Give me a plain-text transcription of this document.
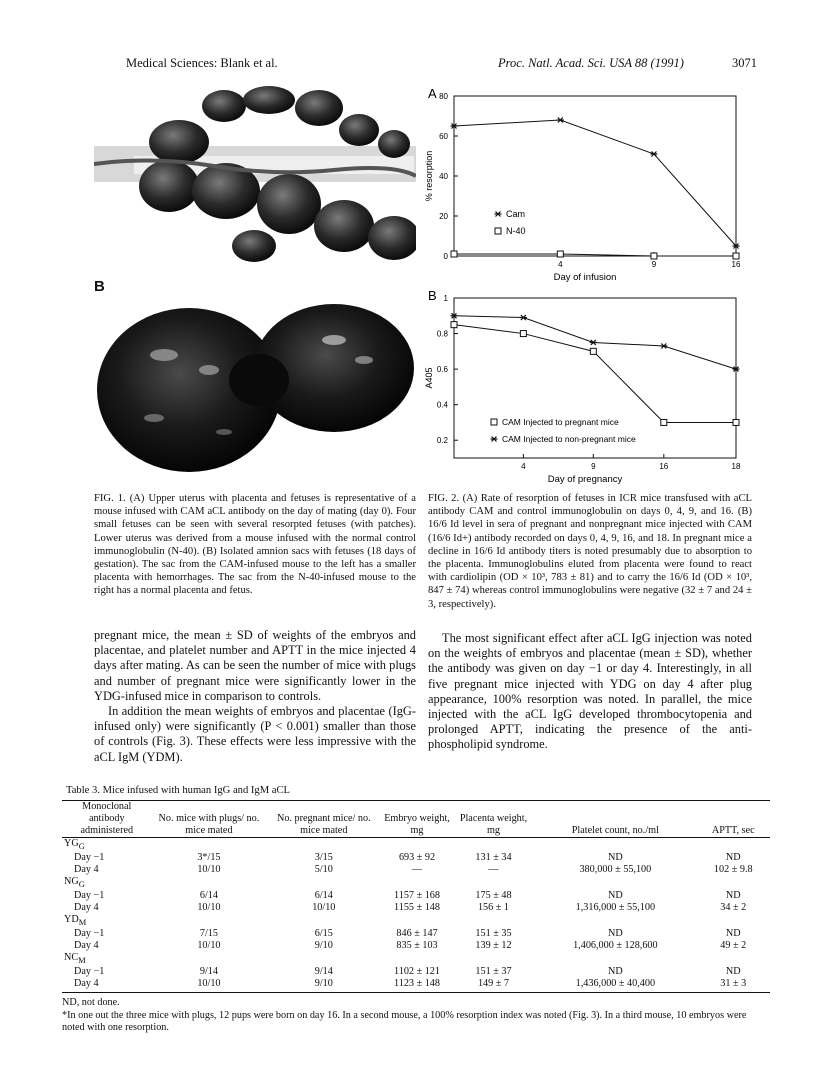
Medical Sciences: Blank et al.	Proc. Natl. Acad. Sci. USA 88 (1991)	3071
B
A
0
20
40
60
80
4	9	16
Day of infusion
% resorption
Cam
N-40
B 1
0.8
0.6
0.4
0.2
4	9	16	18
Day of pregnancy
A405
CAM Injected to pregnant mice
CAM Injected to non-pregnant mice
FIG. 1. (A) Upper uterus with placenta and fetuses is representative of a mouse infused with CAM aCL antibody on the day of mating (day 0). Four small fetuses can be seen with several resorpted fetuses (with patches). Lower uterus was derived from a mouse infused with the normal control immunoglobulin (N-40). (B) Isolated amnion sacs with fetuses (18 days of gestation). The sac from the CAM-infused mouse to the left has a smaller placenta with hemorrhages. The sac from the N-40-infused mouse to the right has a normal placenta and fetus.
FIG. 2. (A) Rate of resorption of fetuses in ICR mice transfused with aCL antibody CAM and control immunoglobulin on days 0, 4, 9, and 16. (B) 16/6 Id level in sera of pregnant and nonpregnant mice injected with CAM (16/6 Id+) antibody recorded on days 0, 4, 9, 16, and 18. In pregnant mice a decline in 16/6 Id antibody titers is noted presumably due to absorption to the placenta. Immunoglobulins eluted from placenta were found to react with cardiolipin (OD × 10³, 783 ± 81) and to carry the 16/6 Id (OD × 10³, 847 ± 74) whereas control immunoglobulins were negative (32 ± 7 and 24 ± 3, respectively).

pregnant mice, the mean ± SD of weights of the embryos and placentae, and platelet number and APTT in the mice injected 4 days after mating. As can be seen the number of mice with plugs and number of pregnant mice were significantly lower in the YDG-infused mice in comparison to controls.

In addition the mean weights of embryos and placentae (IgG-infused only) were significantly (P < 0.001) smaller than those of controls (Fig. 3). These effects were less impressive with the aCL IgM (YDM).

The most significant effect after aCL IgG injection was noted on the weights of embryos and placentae (mean ± SD), whether the antibody was given on day −1 or day 4. Interestingly, in all five pregnant mice injected with YDG on day 4 after plug appearance, 100% resorption was noted. In parallel, the mice injected with the aCL IgG developed thrombocytopenia and prolonged APTT, indicating the presence of the anti-phospholipid syndrome.

Table 3. Mice infused with human IgG and IgM aCL
Monoclonal antibody administered	No. mice with plugs/ no. mice mated	No. pregnant mice/ no. mice mated	Embryo weight, mg	Placenta weight, mg	Platelet count, no./ml	APTT, sec
$YG_G$						
Day −1	3*/15	3/15	693 ± 92	131 ± 34	ND	ND
Day 4	10/10	5/10	—	—	380,000 ± 55,100	102 ± 9.8
$NG_G$						
Day −1	6/14	6/14	1157 ± 168	175 ± 48	ND	ND
Day 4	10/10	10/10	1155 ± 148	156 ± 1	1,316,000 ± 55,100	34 ± 2
$YD_M$						
Day −1	7/15	6/15	846 ± 147	151 ± 35	ND	ND
Day 4	10/10	9/10	835 ± 103	139 ± 12	1,406,000 ± 128,600	49 ± 2
$NC_M$						
Day −1	9/14	9/14	1102 ± 121	151 ± 37	ND	ND
Day 4	10/10	9/10	1123 ± 148	149 ± 7	1,436,000 ± 40,400	31 ± 3
ND, not done.
*In one out the three mice with plugs, 12 pups were born on day 16. In a second mouse, a 100% resorption index was noted (Fig. 3). In a third mouse, 10 embryos were noted with one resorption.
